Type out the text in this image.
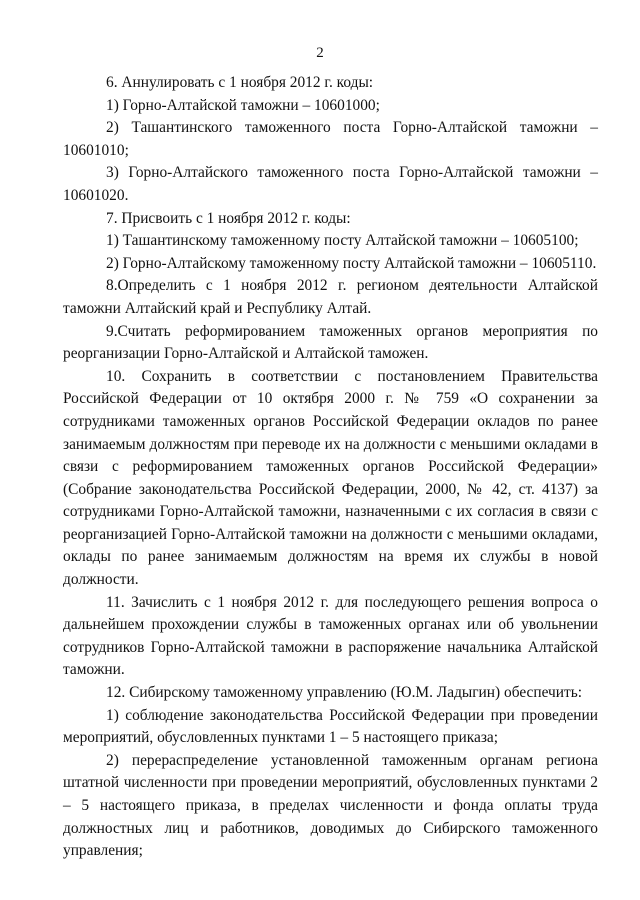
2

6. Аннулировать с 1 ноября 2012 г. коды:

1) Горно-Алтайской таможни – 10601000;

2) Ташантинского таможенного поста Горно-Алтайской таможни – 10601010;

3) Горно-Алтайского таможенного поста Горно-Алтайской таможни – 10601020.

7. Присвоить с 1 ноября 2012 г. коды:

1) Ташантинскому таможенному посту Алтайской таможни – 10605100;

2) Горно-Алтайскому таможенному посту Алтайской таможни – 10605110.

8.Определить с 1 ноября 2012 г. регионом деятельности Алтайской таможни Алтайский край и Республику Алтай.

9.Считать реформированием таможенных органов мероприятия по реорганизации Горно-Алтайской и Алтайской таможен.

10. Сохранить в соответствии с постановлением Правительства Российской Федерации от 10 октября 2000 г. № 759 «О сохранении за сотрудниками таможенных органов Российской Федерации окладов по ранее занимаемым должностям при переводе их на должности с меньшими окладами в связи с реформированием таможенных органов Российской Федерации» (Собрание законодательства Российской Федерации, 2000, № 42, ст. 4137) за сотрудниками Горно-Алтайской таможни, назначенными с их согласия в связи с реорганизацией Горно-Алтайской таможни на должности с меньшими окладами, оклады по ранее занимаемым должностям на время их службы в новой должности.

11. Зачислить с 1 ноября 2012 г. для последующего решения вопроса о дальнейшем прохождении службы в таможенных органах или об увольнении сотрудников Горно-Алтайской таможни в распоряжение начальника Алтайской таможни.

12. Сибирскому таможенному управлению (Ю.М. Ладыгин) обеспечить:

1) соблюдение законодательства Российской Федерации при проведении мероприятий, обусловленных пунктами 1 – 5 настоящего приказа;

2) перераспределение установленной таможенным органам региона штатной численности при проведении мероприятий, обусловленных пунктами 2 – 5 настоящего приказа, в пределах численности и фонда оплаты труда должностных лиц и работников, доводимых до Сибирского таможенного управления;
